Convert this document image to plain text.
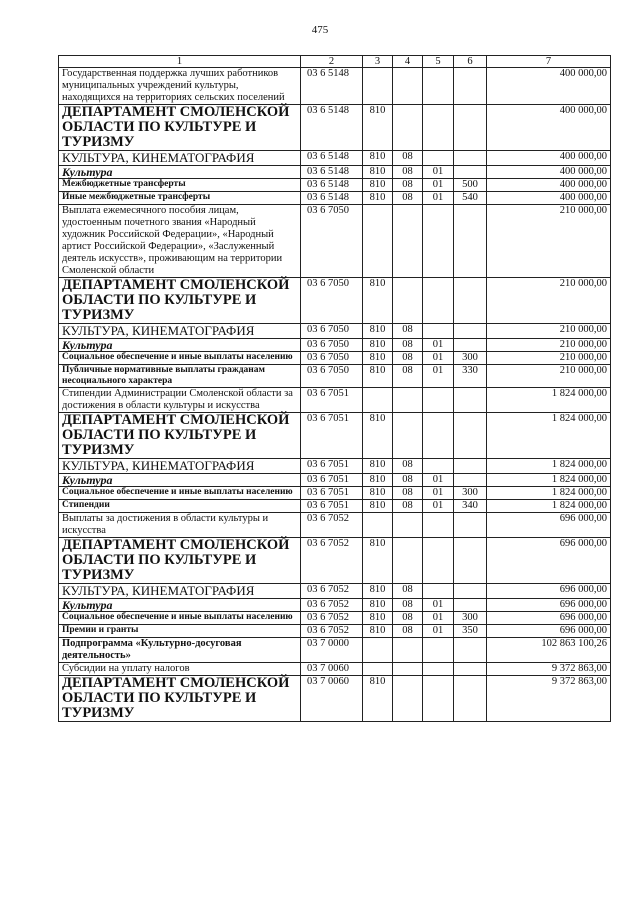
475
1	2	3	4	5	6	7
Государственная поддержка лучших работников муниципальных учреждений культуры, находящихся на территориях сельских поселений	03 6 5148					400 000,00
ДЕПАРТАМЕНТ СМОЛЕНСКОЙ ОБЛАСТИ ПО КУЛЬТУРЕ И ТУРИЗМУ	03 6 5148	810				400 000,00
КУЛЬТУРА, КИНЕМАТОГРАФИЯ	03 6 5148	810	08			400 000,00
Культура	03 6 5148	810	08	01		400 000,00
Межбюджетные трансферты	03 6 5148	810	08	01	500	400 000,00
Иные межбюджетные трансферты	03 6 5148	810	08	01	540	400 000,00
Выплата ежемесячного пособия лицам, удостоенным почетного звания «Народный художник Российской Федерации», «Народный артист Российской Федерации», «Заслуженный деятель искусств», проживающим на территории Смоленской области	03 6 7050					210 000,00
ДЕПАРТАМЕНТ СМОЛЕНСКОЙ ОБЛАСТИ ПО КУЛЬТУРЕ И ТУРИЗМУ	03 6 7050	810				210 000,00
КУЛЬТУРА, КИНЕМАТОГРАФИЯ	03 6 7050	810	08			210 000,00
Культура	03 6 7050	810	08	01		210 000,00
Социальное обеспечение и иные выплаты населению	03 6 7050	810	08	01	300	210 000,00
Публичные нормативные выплаты гражданам несоциального характера	03 6 7050	810	08	01	330	210 000,00
Стипендии Администрации Смоленской области за достижения в области культуры и искусства	03 6 7051					1 824 000,00
ДЕПАРТАМЕНТ СМОЛЕНСКОЙ ОБЛАСТИ ПО КУЛЬТУРЕ И ТУРИЗМУ	03 6 7051	810				1 824 000,00
КУЛЬТУРА, КИНЕМАТОГРАФИЯ	03 6 7051	810	08			1 824 000,00
Культура	03 6 7051	810	08	01		1 824 000,00
Социальное обеспечение и иные выплаты населению	03 6 7051	810	08	01	300	1 824 000,00
Стипендии	03 6 7051	810	08	01	340	1 824 000,00
Выплаты за достижения в области культуры и искусства	03 6 7052					696 000,00
ДЕПАРТАМЕНТ СМОЛЕНСКОЙ ОБЛАСТИ ПО КУЛЬТУРЕ И ТУРИЗМУ	03 6 7052	810				696 000,00
КУЛЬТУРА, КИНЕМАТОГРАФИЯ	03 6 7052	810	08			696 000,00
Культура	03 6 7052	810	08	01		696 000,00
Социальное обеспечение и иные выплаты населению	03 6 7052	810	08	01	300	696 000,00
Премии и гранты	03 6 7052	810	08	01	350	696 000,00
Подпрограмма «Культурно-досуговая деятельность»	03 7 0000					102 863 100,26
Субсидии на уплату налогов	03 7 0060					9 372 863,00
ДЕПАРТАМЕНТ СМОЛЕНСКОЙ ОБЛАСТИ ПО КУЛЬТУРЕ И ТУРИЗМУ	03 7 0060	810				9 372 863,00
